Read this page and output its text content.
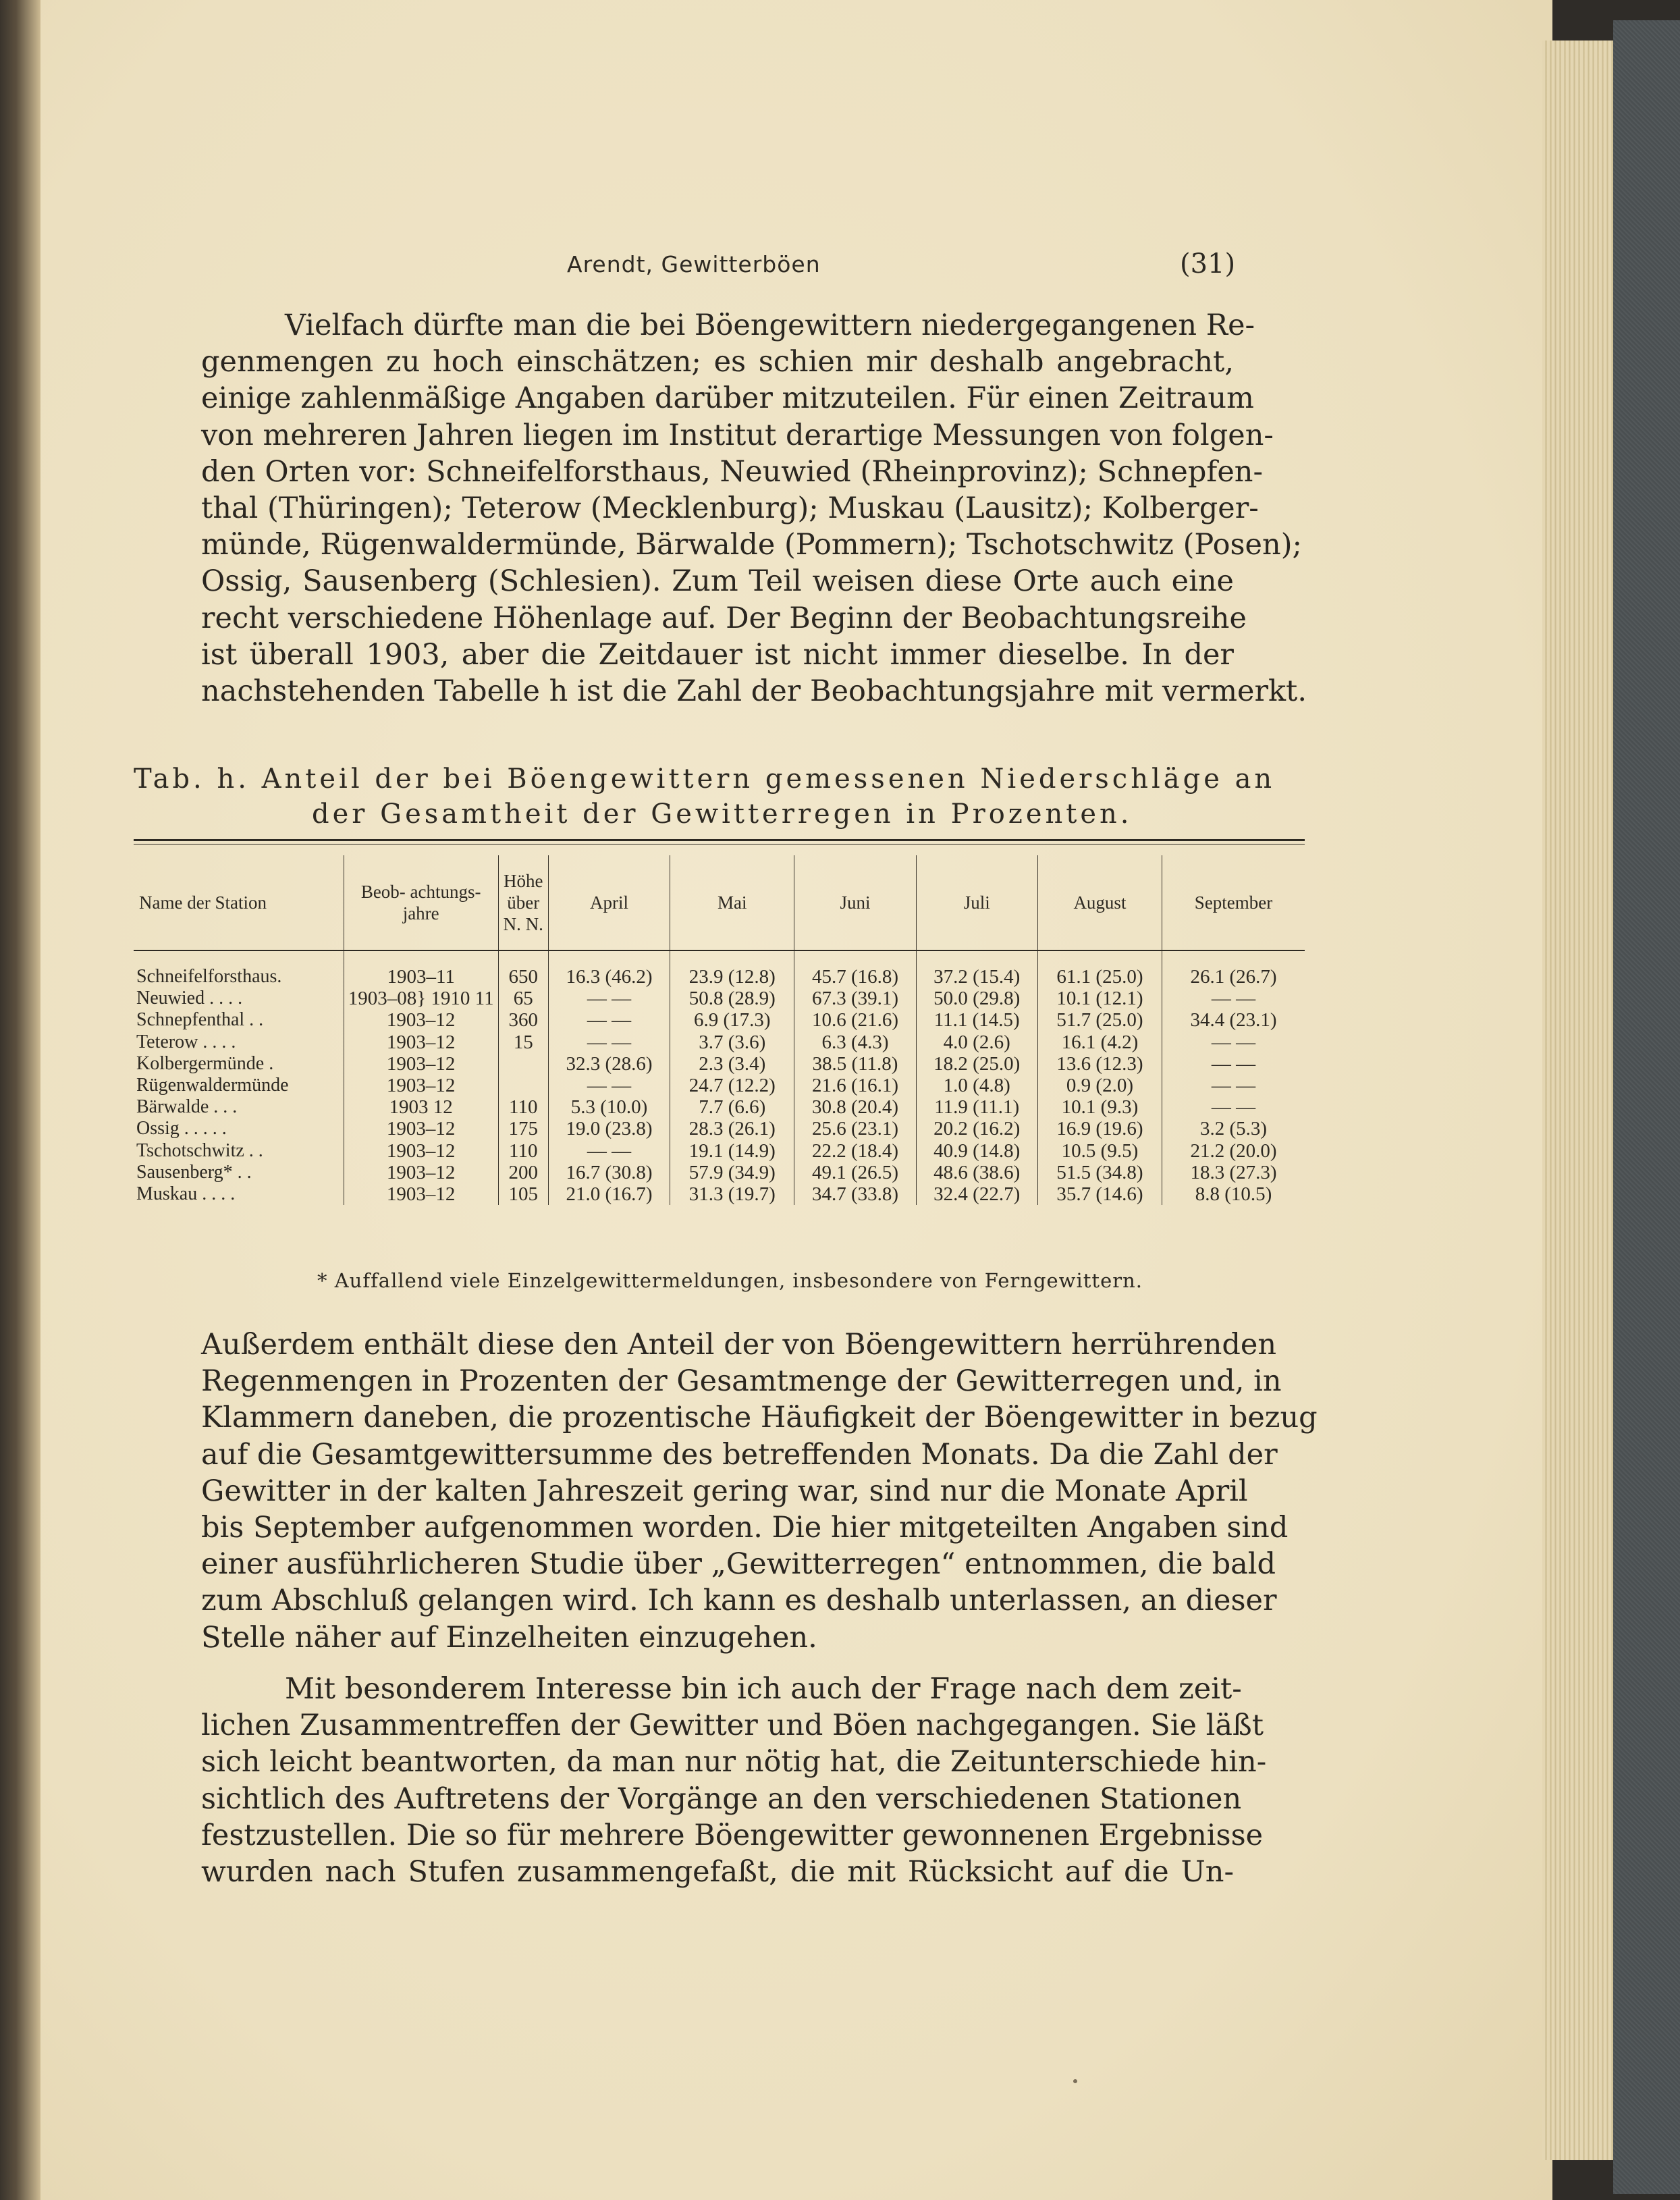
Arendt, Gewitterböen	(31)
Vielfach dürfte man die bei Böengewittern niedergegangenen Re-
genmengen zu hoch einschätzen; es schien mir deshalb angebracht,
einige zahlenmäßige Angaben darüber mitzuteilen. Für einen Zeitraum
von mehreren Jahren liegen im Institut derartige Messungen von folgen-
den Orten vor: Schneifelforsthaus, Neuwied (Rheinprovinz); Schnepfen-
thal (Thüringen); Teterow (Mecklenburg); Muskau (Lausitz); Kolberger-
münde, Rügenwaldermünde, Bärwalde (Pommern); Tschotschwitz (Posen);
Ossig, Sausenberg (Schlesien). Zum Teil weisen diese Orte auch eine
recht verschiedene Höhenlage auf. Der Beginn der Beobachtungsreihe
ist überall 1903, aber die Zeitdauer ist nicht immer dieselbe. In der
nachstehenden Tabelle h ist die Zahl der Beobachtungsjahre mit vermerkt.
Tab. h. Anteil der bei Böengewittern gemessenen Niederschläge an
der Gesamtheit der Gewitterregen in Prozenten.
Name der Station	Beob- achtungs- jahre	Höhe über N. N.	April	Mai	Juni	Juli	August	September
Schneifelforsthaus.	1903–11	650	16.3 (46.2)	23.9 (12.8)	45.7 (16.8)	37.2 (15.4)	61.1 (25.0)	26.1 (26.7)
Neuwied . . . .	1903–08} 1910 11	65	— —	50.8 (28.9)	67.3 (39.1)	50.0 (29.8)	10.1 (12.1)	— —
Schnepfenthal . .	1903–12	360	— —	6.9 (17.3)	10.6 (21.6)	11.1 (14.5)	51.7 (25.0)	34.4 (23.1)
Teterow . . . .	1903–12	15	— —	3.7 (3.6)	6.3 (4.3)	4.0 (2.6)	16.1 (4.2)	— —
Kolbergermünde .	1903–12		32.3 (28.6)	2.3 (3.4)	38.5 (11.8)	18.2 (25.0)	13.6 (12.3)	— —
Rügenwaldermünde	1903–12		— —	24.7 (12.2)	21.6 (16.1)	1.0 (4.8)	0.9 (2.0)	— —
Bärwalde . . .	1903 12	110	5.3 (10.0)	7.7 (6.6)	30.8 (20.4)	11.9 (11.1)	10.1 (9.3)	— —
Ossig . . . . .	1903–12	175	19.0 (23.8)	28.3 (26.1)	25.6 (23.1)	20.2 (16.2)	16.9 (19.6)	3.2 (5.3)
Tschotschwitz . .	1903–12	110	— —	19.1 (14.9)	22.2 (18.4)	40.9 (14.8)	10.5 (9.5)	21.2 (20.0)
Sausenberg* . .	1903–12	200	16.7 (30.8)	57.9 (34.9)	49.1 (26.5)	48.6 (38.6)	51.5 (34.8)	18.3 (27.3)
Muskau . . . .	1903–12	105	21.0 (16.7)	31.3 (19.7)	34.7 (33.8)	32.4 (22.7)	35.7 (14.6)	8.8 (10.5)
* Auffallend viele Einzelgewittermeldungen, insbesondere von Ferngewittern.
Außerdem enthält diese den Anteil der von Böengewittern herrührenden
Regenmengen in Prozenten der Gesamtmenge der Gewitterregen und, in
Klammern daneben, die prozentische Häufigkeit der Böengewitter in bezug
auf die Gesamtgewittersumme des betreffenden Monats. Da die Zahl der
Gewitter in der kalten Jahreszeit gering war, sind nur die Monate April
bis September aufgenommen worden. Die hier mitgeteilten Angaben sind
einer ausführlicheren Studie über „Gewitterregen“ entnommen, die bald
zum Abschluß gelangen wird. Ich kann es deshalb unterlassen, an dieser
Stelle näher auf Einzelheiten einzugehen.
Mit besonderem Interesse bin ich auch der Frage nach dem zeit-
lichen Zusammentreffen der Gewitter und Böen nachgegangen. Sie läßt
sich leicht beantworten, da man nur nötig hat, die Zeitunterschiede hin-
sichtlich des Auftretens der Vorgänge an den verschiedenen Stationen
festzustellen. Die so für mehrere Böengewitter gewonnenen Ergebnisse
wurden nach Stufen zusammengefaßt, die mit Rücksicht auf die Un-
